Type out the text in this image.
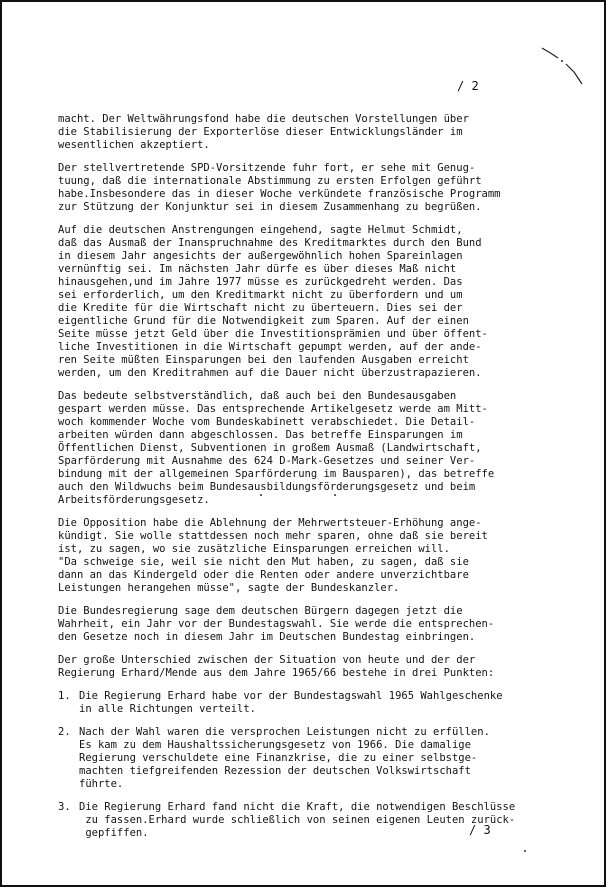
/ 2

macht. Der Weltwährungsfond habe die deutschen Vorstellungen über
die Stabilisierung der Exporterlöse dieser Entwicklungsländer im
wesentlichen akzeptiert.

Der stellvertretende SPD-Vorsitzende fuhr fort, er sehe mit Genug-
tuung, daß die internationale Abstimmung zu ersten Erfolgen geführt
habe.Insbesondere das in dieser Woche verkündete französische Programm
zur Stützung der Konjunktur sei in diesem Zusammenhang zu begrüßen.

Auf die deutschen Anstrengungen eingehend, sagte Helmut Schmidt,
daß das Ausmaß der Inanspruchnahme des Kreditmarktes durch den Bund
in diesem Jahr angesichts der außergewöhnlich hohen Spareinlagen
vernünftig sei. Im nächsten Jahr dürfe es über dieses Maß nicht
hinausgehen,und im Jahre 1977 müsse es zurückgedreht werden. Das
sei erforderlich, um den Kreditmarkt nicht zu überfordern und um
die Kredite für die Wirtschaft nicht zu überteuern. Dies sei der
eigentliche Grund für die Notwendigkeit zum Sparen. Auf der einen
Seite müsse jetzt Geld über die Investitionsprämien und über öffent-
liche Investitionen in die Wirtschaft gepumpt werden, auf der ande-
ren Seite müßten Einsparungen bei den laufenden Ausgaben erreicht
werden, um den Kreditrahmen auf die Dauer nicht überzustrapazieren.

Das bedeute selbstverständlich, daß auch bei den Bundesausgaben
gespart werden müsse. Das entsprechende Artikelgesetz werde am Mitt-
woch kommender Woche vom Bundeskabinett verabschiedet. Die Detail-
arbeiten würden dann abgeschlossen. Das betreffe Einsparungen im
Öffentlichen Dienst, Subventionen in großem Ausmaß (Landwirtschaft,
Sparförderung mit Ausnahme des 624 D-Mark-Gesetzes und seiner Ver-
bindung mit der allgemeinen Sparförderung im Bausparen), das betreffe
auch den Wildwuchs beim Bundesausbildungsförderungsgesetz und beim
Arbeitsförderungsgesetz.

Die Opposition habe die Ablehnung der Mehrwertsteuer-Erhöhung ange-
kündigt. Sie wolle stattdessen noch mehr sparen, ohne daß sie bereit
ist, zu sagen, wo sie zusätzliche Einsparungen erreichen will.
"Da schweige sie, weil sie nicht den Mut haben, zu sagen, daß sie
dann an das Kindergeld oder die Renten oder andere unverzichtbare
Leistungen herangehen müsse", sagte der Bundeskanzler.

Die Bundesregierung sage dem deutschen Bürgern dagegen jetzt die
Wahrheit, ein Jahr vor der Bundestagswahl. Sie werde die entsprechen-
den Gesetze noch in diesem Jahr im Deutschen Bundestag einbringen.

Der große Unterschied zwischen der Situation von heute und der der
Regierung Erhard/Mende aus dem Jahre 1965/66 bestehe in drei Punkten:

1. Die Regierung Erhard habe vor der Bundestagswahl 1965 Wahlgeschenke
in alle Richtungen verteilt.
2. Nach der Wahl waren die versprochen Leistungen nicht zu erfüllen.
Es kam zu dem Haushaltssicherungsgesetz von 1966. Die damalige
Regierung verschuldete eine Finanzkrise, die zu einer selbstge-
machten tiefgreifenden Rezession der deutschen Volkswirtschaft
führte.
3. Die Regierung Erhard fand nicht die Kraft, die notwendigen Beschlüsse
zu fassen.Erhard wurde schließlich von seinen eigenen Leuten zurück-
gepfiffen.	/ 3
